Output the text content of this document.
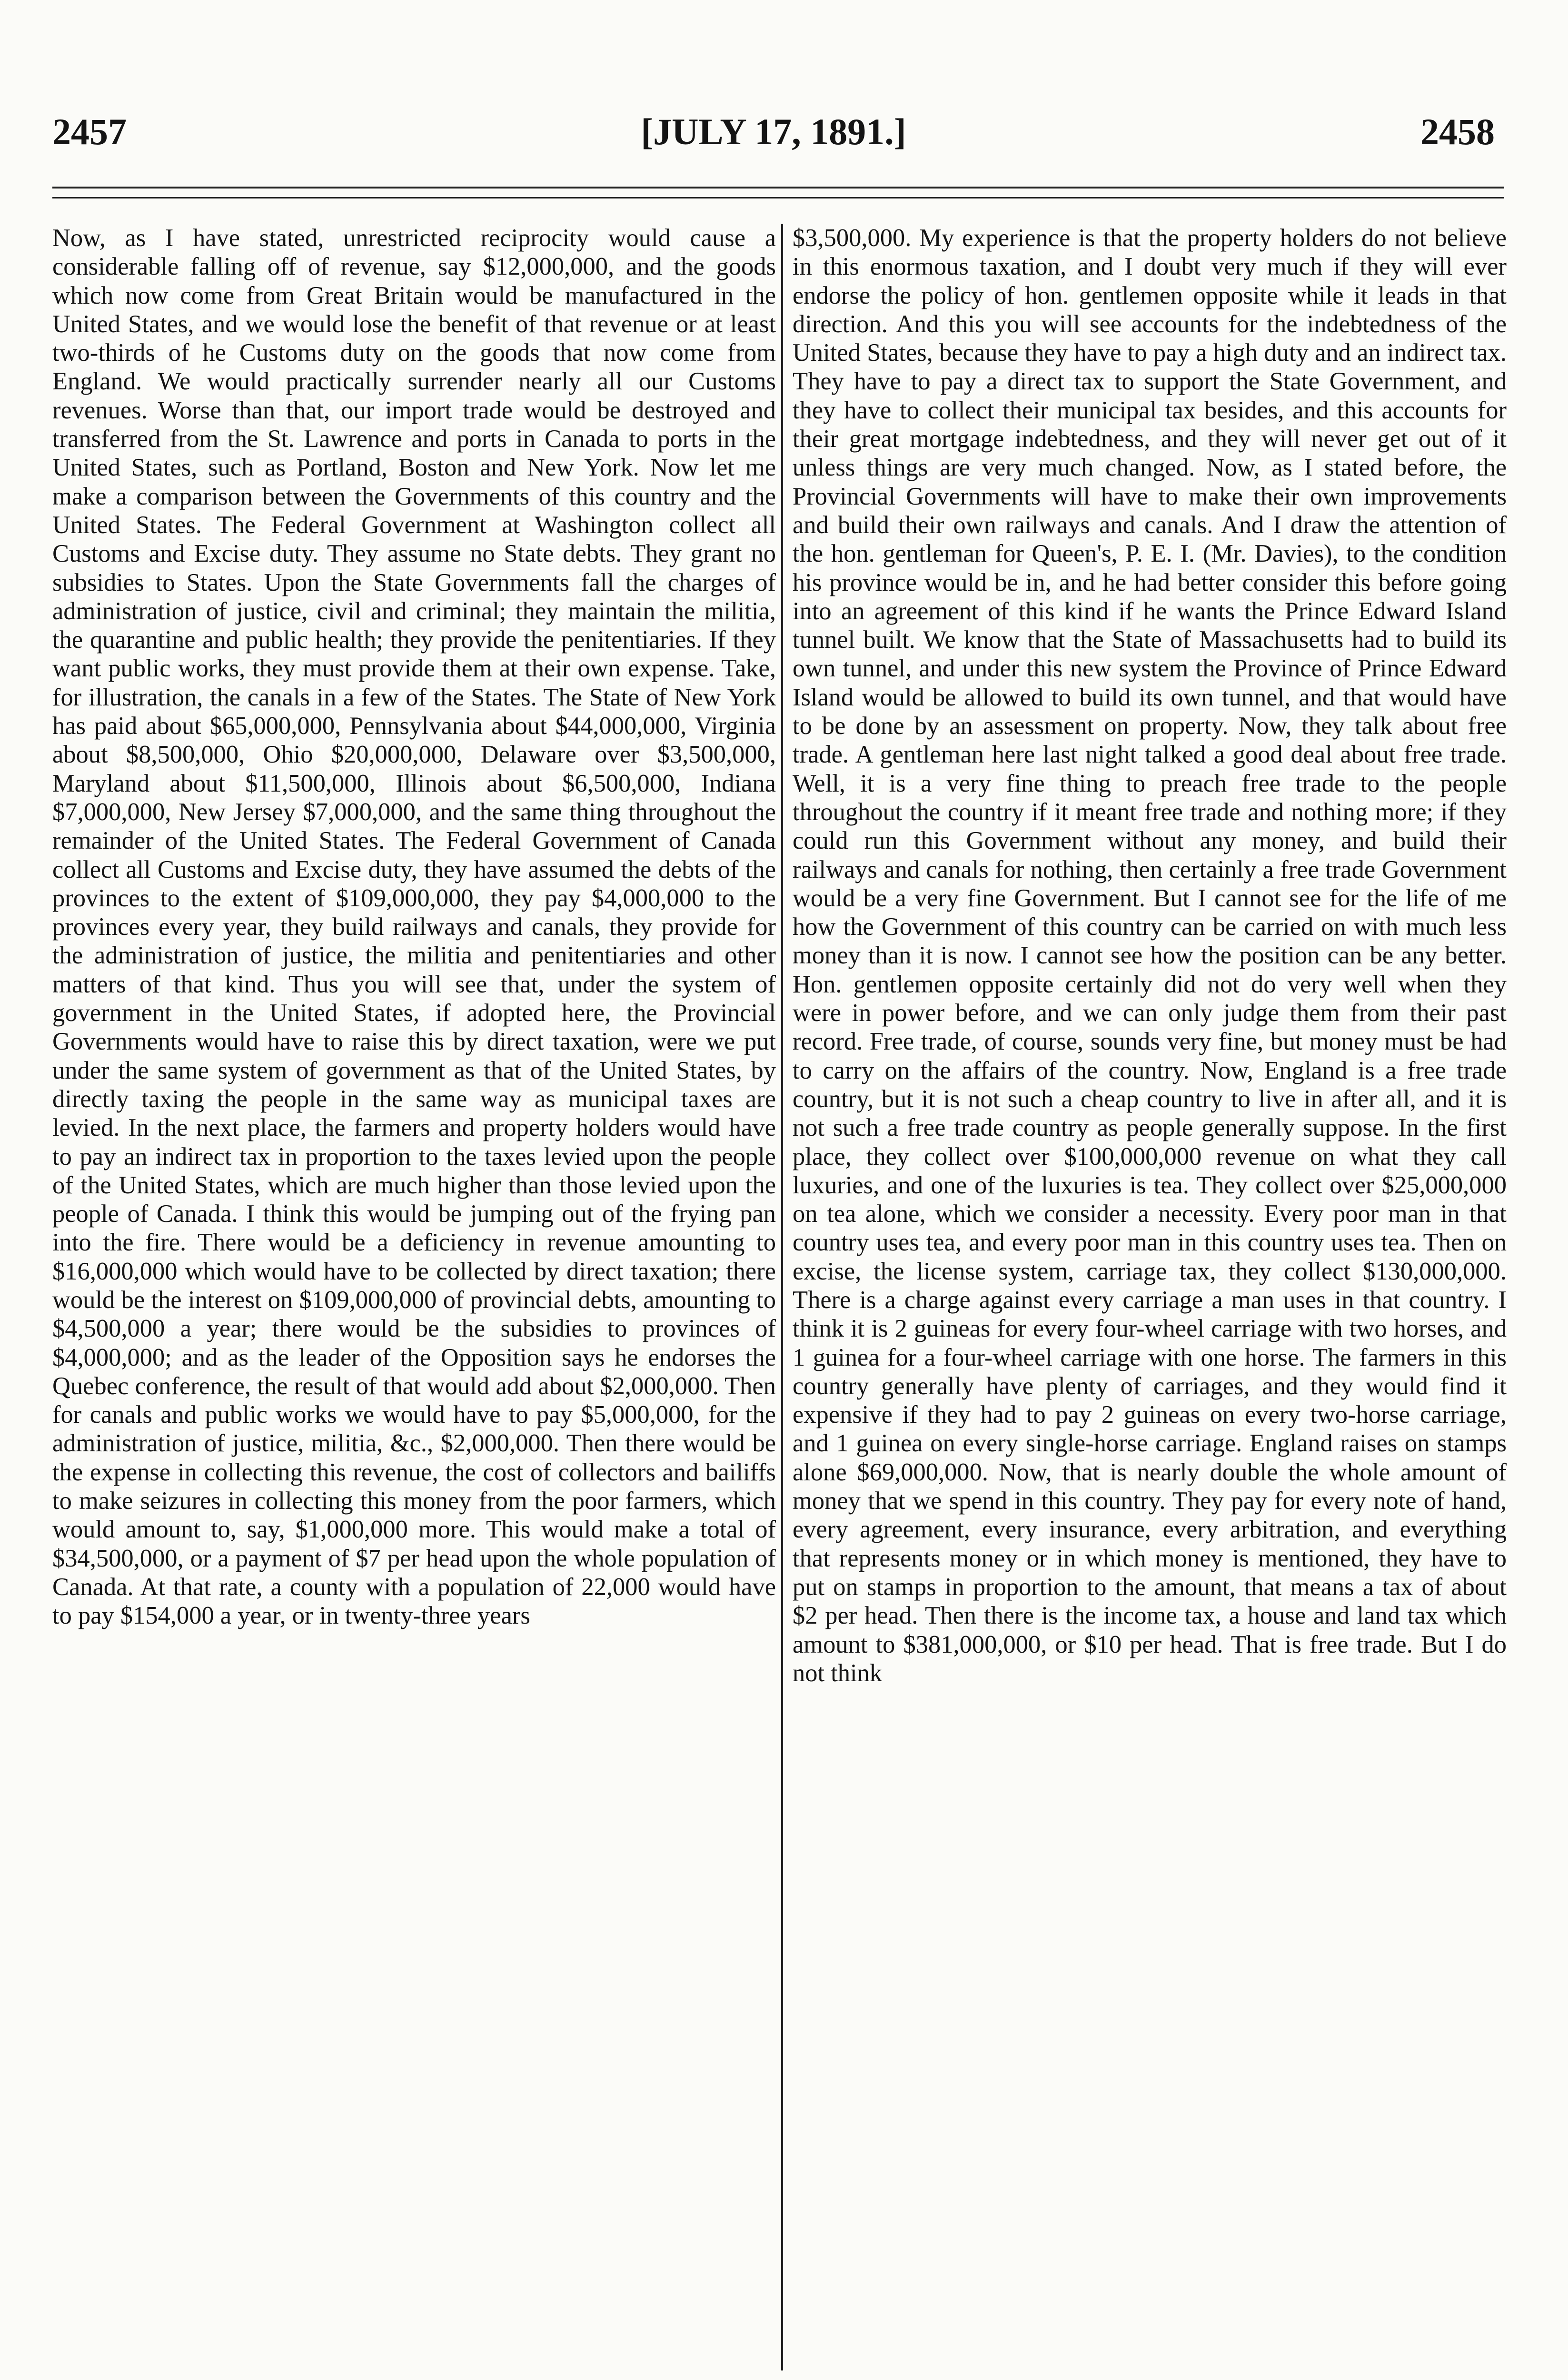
2457	[JULY 17, 1891.]	2458

Now, as I have stated, unrestricted reciprocity would cause a considerable falling off of revenue, say $12,000,000, and the goods which now come from Great Britain would be manufactured in the United States, and we would lose the benefit of that revenue or at least two-thirds of he Customs duty on the goods that now come from England. We would practically surrender nearly all our Customs revenues. Worse than that, our import trade would be destroyed and transferred from the St. Lawrence and ports in Canada to ports in the United States, such as Portland, Boston and New York. Now let me make a comparison between the Governments of this country and the United States. The Federal Government at Washington collect all Customs and Excise duty. They assume no State debts. They grant no subsidies to States. Upon the State Governments fall the charges of administration of justice, civil and criminal; they maintain the militia, the quarantine and public health; they provide the penitentiaries. If they want public works, they must provide them at their own expense. Take, for illustration, the canals in a few of the States. The State of New York has paid about $65,000,000, Pennsylvania about $44,000,000, Virginia about $8,500,000, Ohio $20,000,000, Delaware over $3,500,000, Maryland about $11,500,000, Illinois about $6,500,000, Indiana $7,000,000, New Jersey $7,000,000, and the same thing throughout the remainder of the United States. The Federal Government of Canada collect all Customs and Excise duty, they have assumed the debts of the provinces to the extent of $109,000,000, they pay $4,000,000 to the provinces every year, they build railways and canals, they provide for the administration of justice, the militia and penitentiaries and other matters of that kind. Thus you will see that, under the system of government in the United States, if adopted here, the Provincial Governments would have to raise this by direct taxation, were we put under the same system of government as that of the United States, by directly taxing the people in the same way as municipal taxes are levied. In the next place, the farmers and property holders would have to pay an indirect tax in proportion to the taxes levied upon the people of the United States, which are much higher than those levied upon the people of Canada. I think this would be jumping out of the frying pan into the fire. There would be a deficiency in revenue amounting to $16,000,000 which would have to be collected by direct taxation; there would be the interest on $109,000,000 of provincial debts, amounting to $4,500,000 a year; there would be the subsidies to provinces of $4,000,000; and as the leader of the Opposition says he endorses the Quebec conference, the result of that would add about $2,000,000. Then for canals and public works we would have to pay $5,000,000, for the administration of justice, militia, &c., $2,000,000. Then there would be the expense in collecting this revenue, the cost of collectors and bailiffs to make seizures in collecting this money from the poor farmers, which would amount to, say, $1,000,000 more. This would make a total of $34,500,000, or a payment of $7 per head upon the whole population of Canada. At that rate, a county with a population of 22,000 would have to pay $154,000 a year, or in twenty-three years

$3,500,000. My experience is that the property holders do not believe in this enormous taxation, and I doubt very much if they will ever endorse the policy of hon. gentlemen opposite while it leads in that direction. And this you will see accounts for the indebtedness of the United States, because they have to pay a high duty and an indirect tax. They have to pay a direct tax to support the State Government, and they have to collect their municipal tax besides, and this accounts for their great mortgage indebtedness, and they will never get out of it unless things are very much changed. Now, as I stated before, the Provincial Governments will have to make their own improvements and build their own railways and canals. And I draw the attention of the hon. gentleman for Queen's, P. E. I. (Mr. Davies), to the condition his province would be in, and he had better consider this before going into an agreement of this kind if he wants the Prince Edward Island tunnel built. We know that the State of Massachusetts had to build its own tunnel, and under this new system the Province of Prince Edward Island would be allowed to build its own tunnel, and that would have to be done by an assessment on property. Now, they talk about free trade. A gentleman here last night talked a good deal about free trade. Well, it is a very fine thing to preach free trade to the people throughout the country if it meant free trade and nothing more; if they could run this Government without any money, and build their railways and canals for nothing, then certainly a free trade Government would be a very fine Government. But I cannot see for the life of me how the Government of this country can be carried on with much less money than it is now. I cannot see how the position can be any better. Hon. gentlemen opposite certainly did not do very well when they were in power before, and we can only judge them from their past record. Free trade, of course, sounds very fine, but money must be had to carry on the affairs of the country. Now, England is a free trade country, but it is not such a cheap country to live in after all, and it is not such a free trade country as people generally suppose. In the first place, they collect over $100,000,000 revenue on what they call luxuries, and one of the luxuries is tea. They collect over $25,000,000 on tea alone, which we consider a necessity. Every poor man in that country uses tea, and every poor man in this country uses tea. Then on excise, the license system, carriage tax, they collect $130,000,000. There is a charge against every carriage a man uses in that country. I think it is 2 guineas for every four-wheel carriage with two horses, and 1 guinea for a four-wheel carriage with one horse. The farmers in this country generally have plenty of carriages, and they would find it expensive if they had to pay 2 guineas on every two-horse carriage, and 1 guinea on every single-horse carriage. England raises on stamps alone $69,000,000. Now, that is nearly double the whole amount of money that we spend in this country. They pay for every note of hand, every agreement, every insurance, every arbitration, and everything that represents money or in which money is mentioned, they have to put on stamps in proportion to the amount, that means a tax of about $2 per head. Then there is the income tax, a house and land tax which amount to $381,000,000, or $10 per head. That is free trade. But I do not think
